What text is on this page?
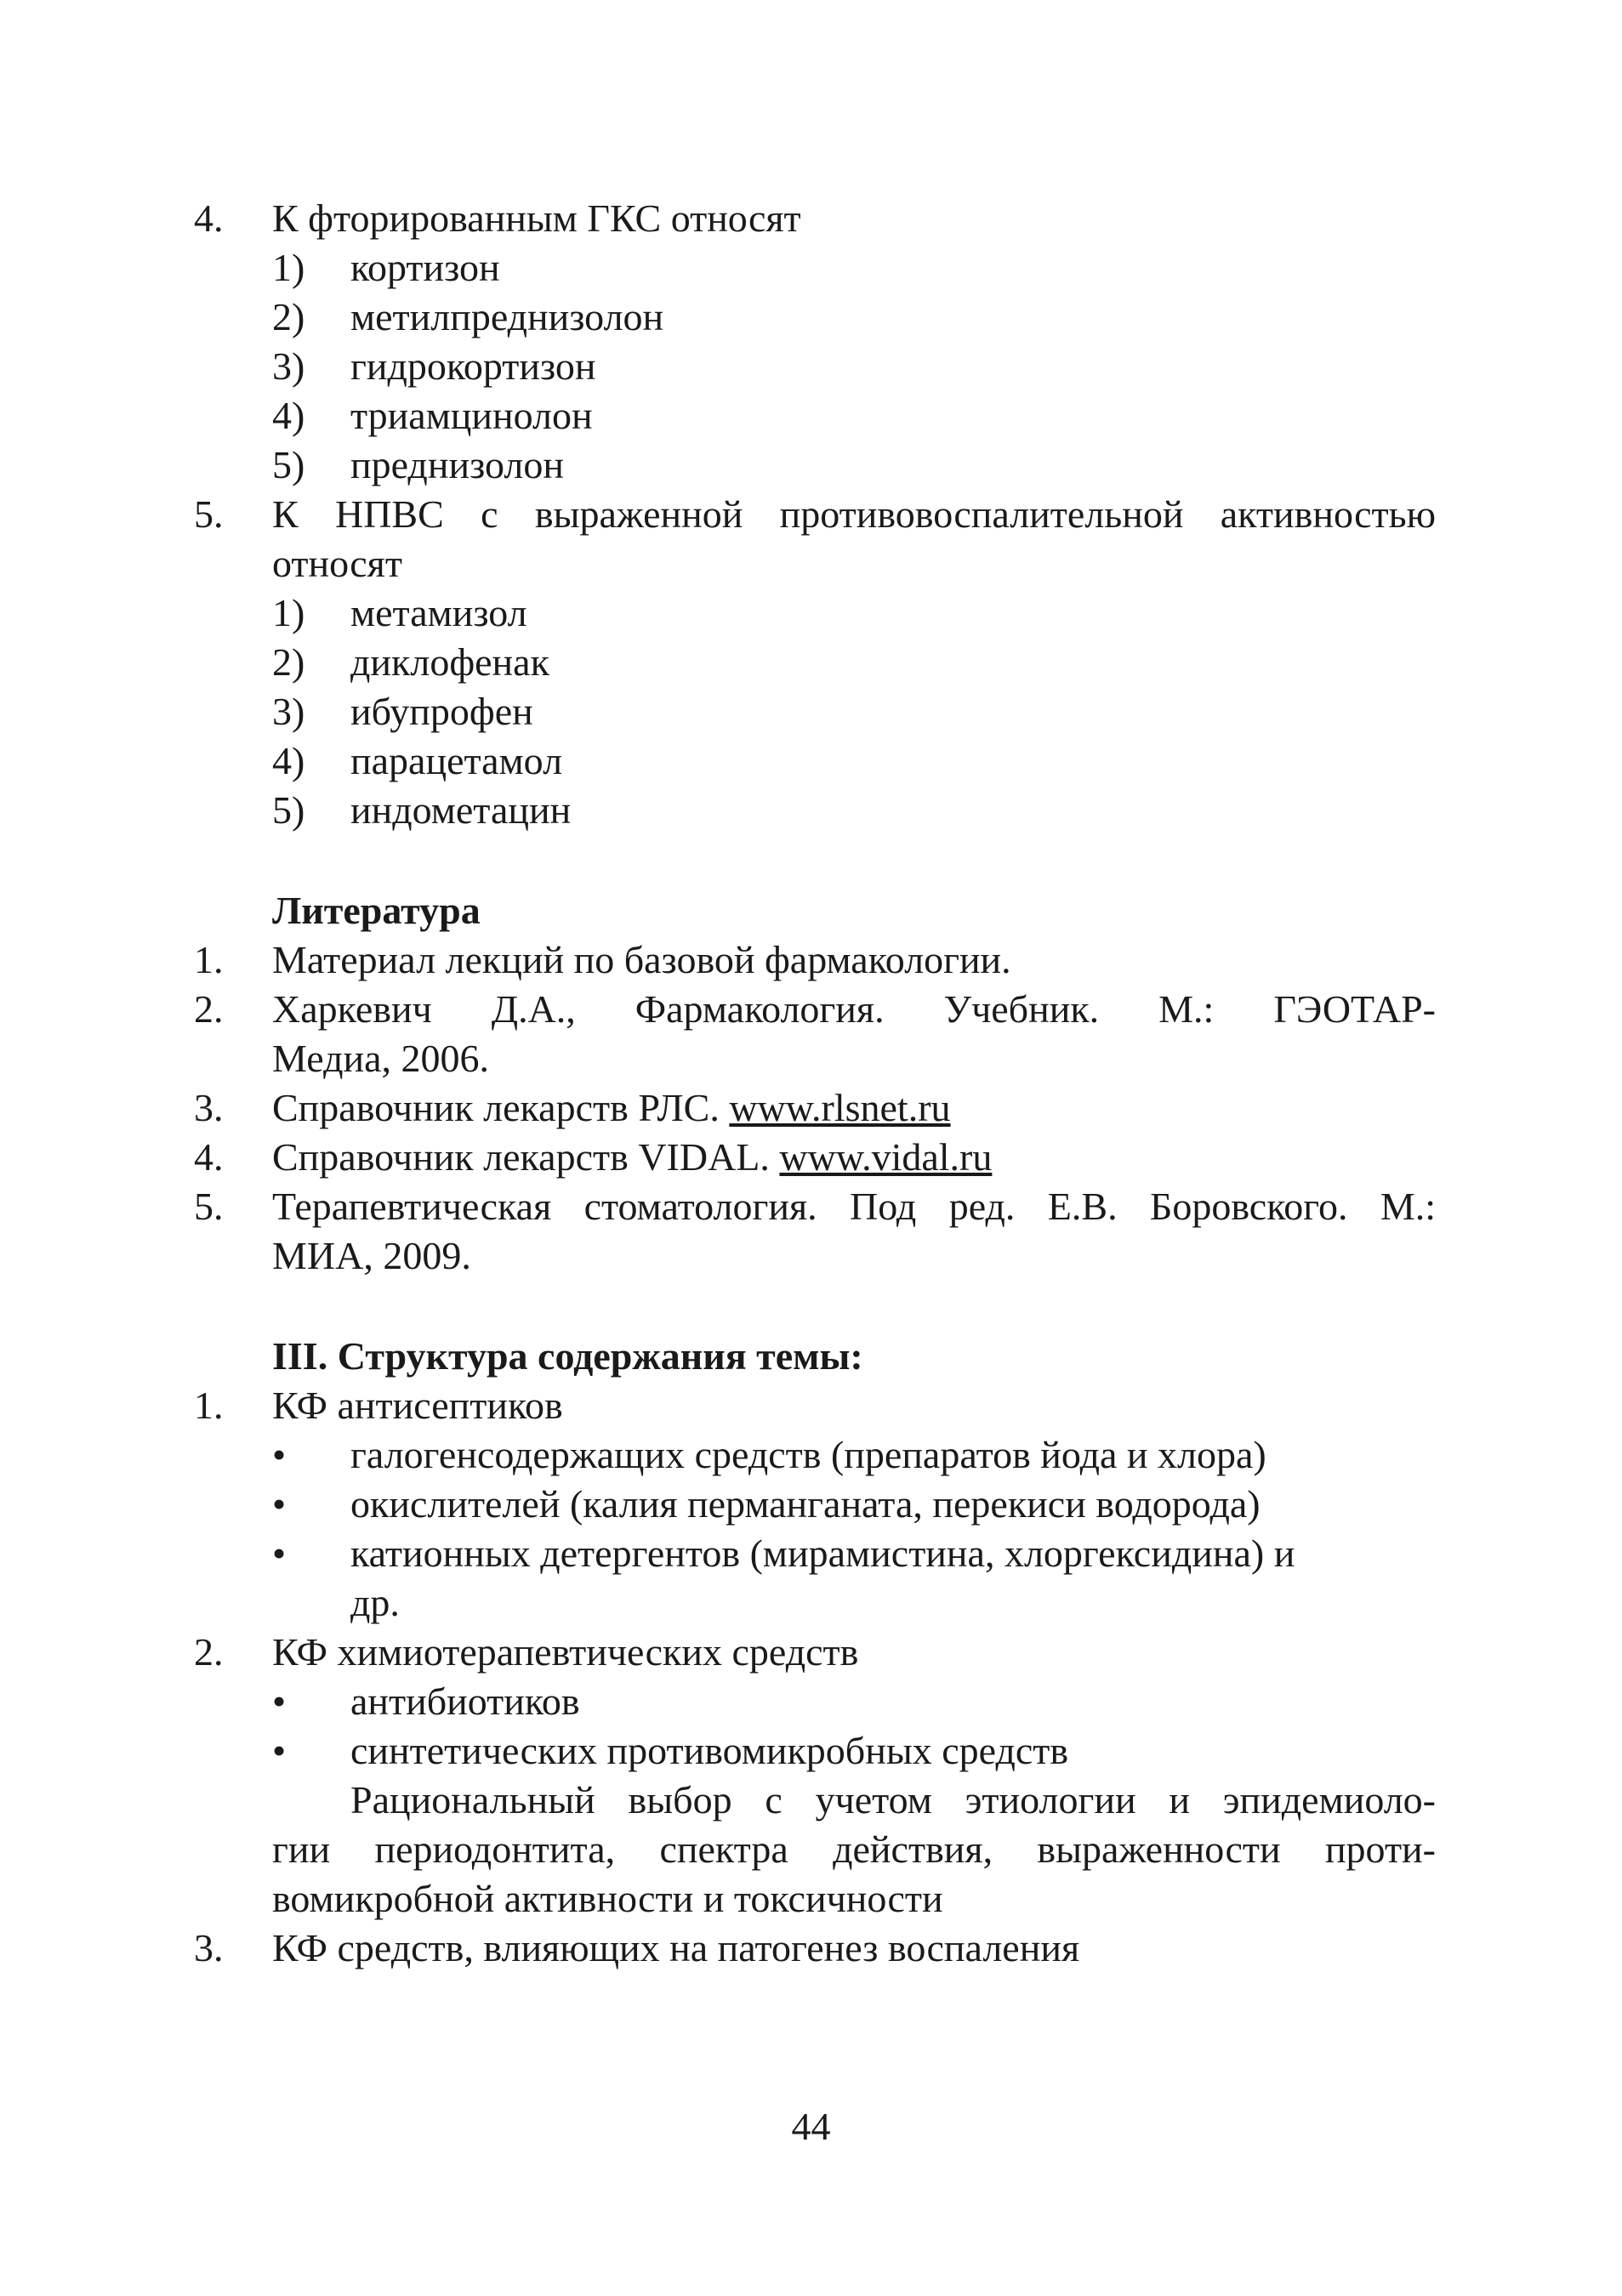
4. К фторированным ГКС относят
1) кортизон
2) метилпреднизолон
3) гидрокортизон
4) триамцинолон
5) преднизолон
5. К НПВС с выраженной противовоспалительной активностью
относят
1) метамизол
2) диклофенак
3) ибупрофен
4) парацетамол
5) индометацин
Литература
1. Материал лекций по базовой фармакологии.
2. Харкевич Д.А., Фармакология. Учебник. М.: ГЭОТАР-
Медиа, 2006.
3. Справочник лекарств РЛС. www.rlsnet.ru
4. Справочник лекарств VIDAL. www.vidal.ru
5. Терапевтическая стоматология. Под ред. Е.В. Боровского. М.:
МИА, 2009.
III. Структура содержания темы:
1. КФ антисептиков
• галогенсодержащих средств (препаратов йода и хлора)
• окислителей (калия перманганата, перекиси водорода)
• катионных детергентов (мирамистина, хлоргексидина) и
др.
2. КФ химиотерапевтических средств
• антибиотиков
• синтетических противомикробных средств
Рациональный выбор с учетом этиологии и эпидемиоло-
гии периодонтита, спектра действия, выраженности проти-
вомикробной активности и токсичности
3. КФ средств, влияющих на патогенез воспаления
44
